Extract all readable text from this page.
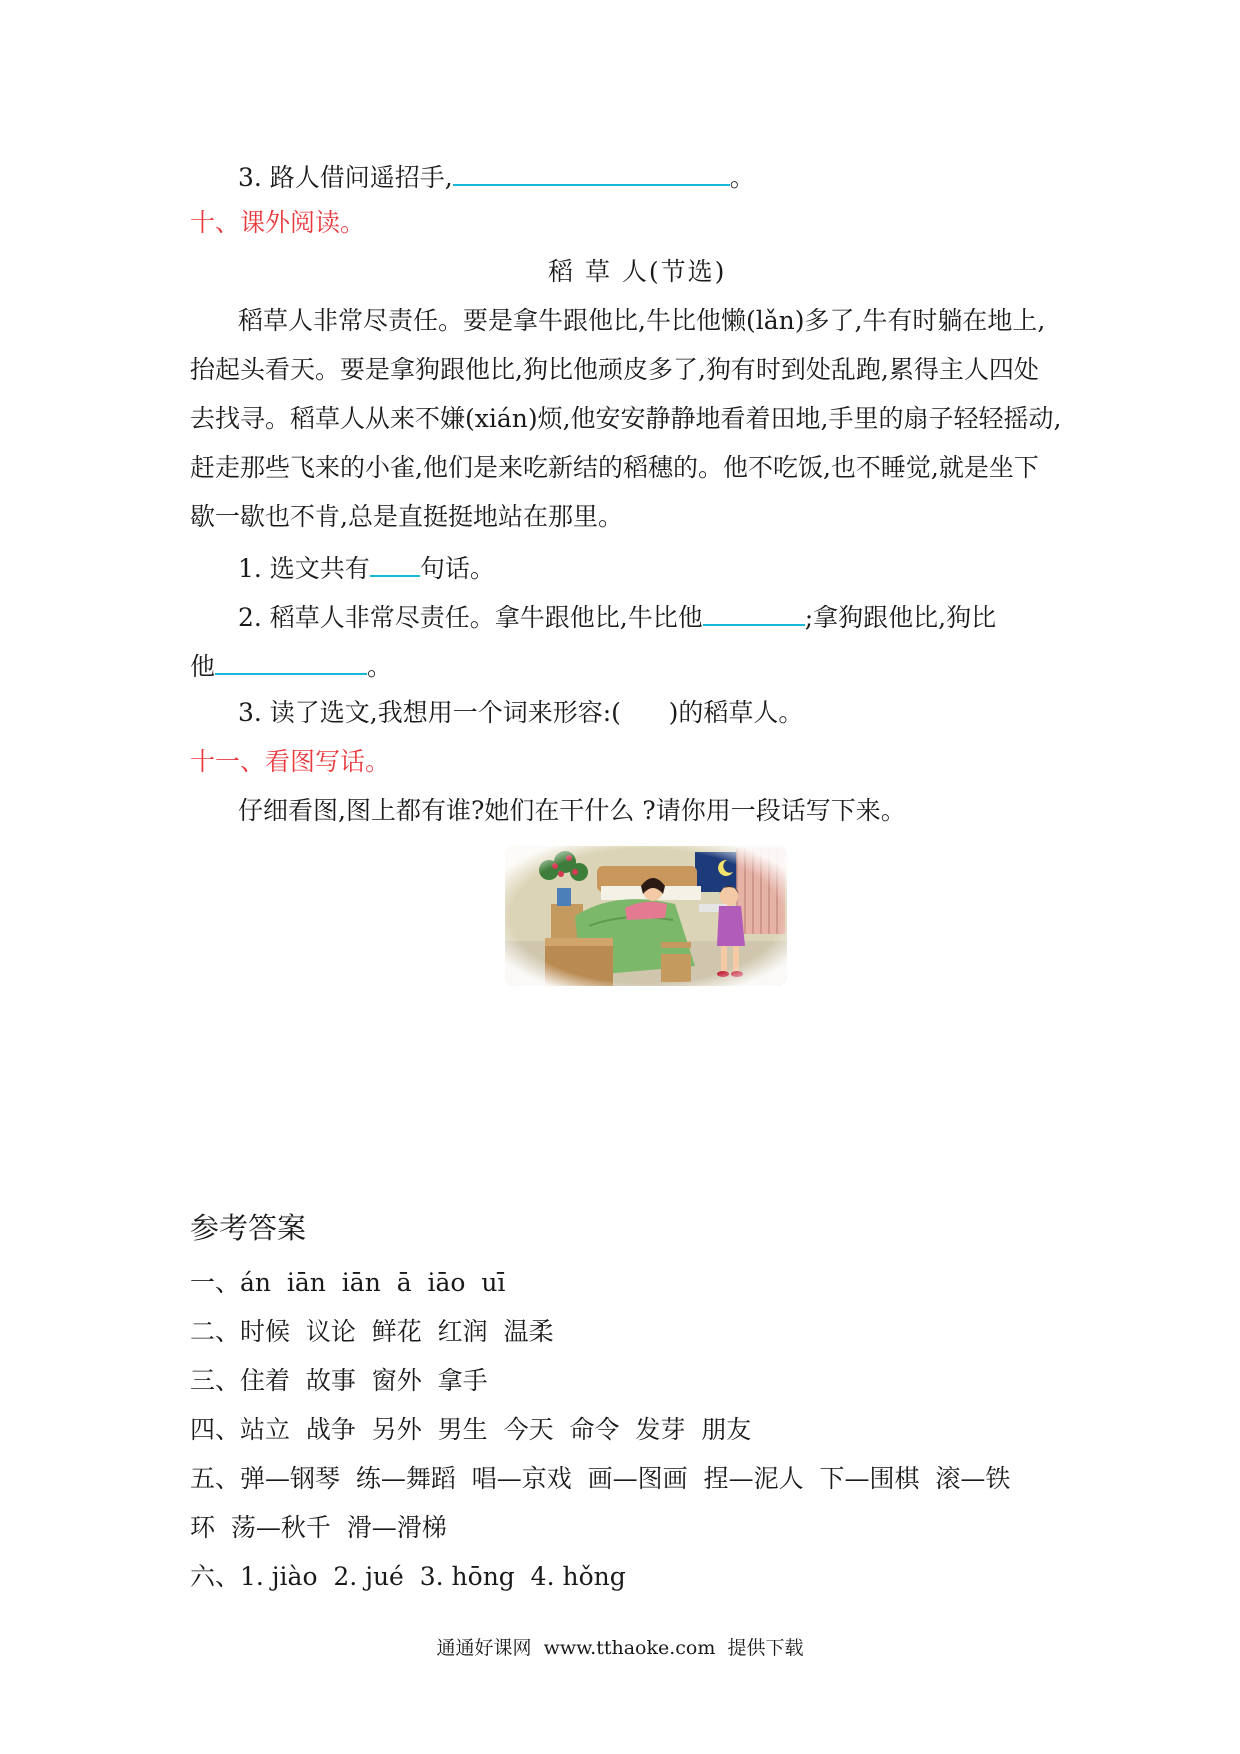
3. 路人借问遥招手,	。
十、课外阅读。
稻 草 人(节选)
稻草人非常尽责任。要是拿牛跟他比,牛比他懒(lǎn)多了,牛有时躺在地上,
抬起头看天。要是拿狗跟他比,狗比他顽皮多了,狗有时到处乱跑,累得主人四处
去找寻。稻草人从来不嫌(xián)烦,他安安静静地看着田地,手里的扇子轻轻摇动,
赶走那些飞来的小雀,他们是来吃新结的稻穗的。他不吃饭,也不睡觉,就是坐下
歇一歇也不肯,总是直挺挺地站在那里。
1. 选文共有 句话。
2. 稻草人非常尽责任。拿牛跟他比,牛比他	;拿狗跟他比,狗比
他	。
3. 读了选文,我想用一个词来形容:(      )的稻草人。
十一、看图写话。
仔细看图,图上都有谁?她们在干什么 ?请你用一段话写下来。
参考答案
一、án  iān  iān  ā  iāo  uī
二、时候  议论  鲜花  红润  温柔
三、住着  故事  窗外  拿手
四、站立  战争  另外  男生  今天  命令  发芽  朋友
五、弹—钢琴  练—舞蹈  唱—京戏  画—图画  捏—泥人  下—围棋  滚—铁
环  荡—秋千  滑—滑梯
六、1. jiào  2. jué  3. hōng  4. hǒng
通通好课网  www.tthaoke.com  提供下载
